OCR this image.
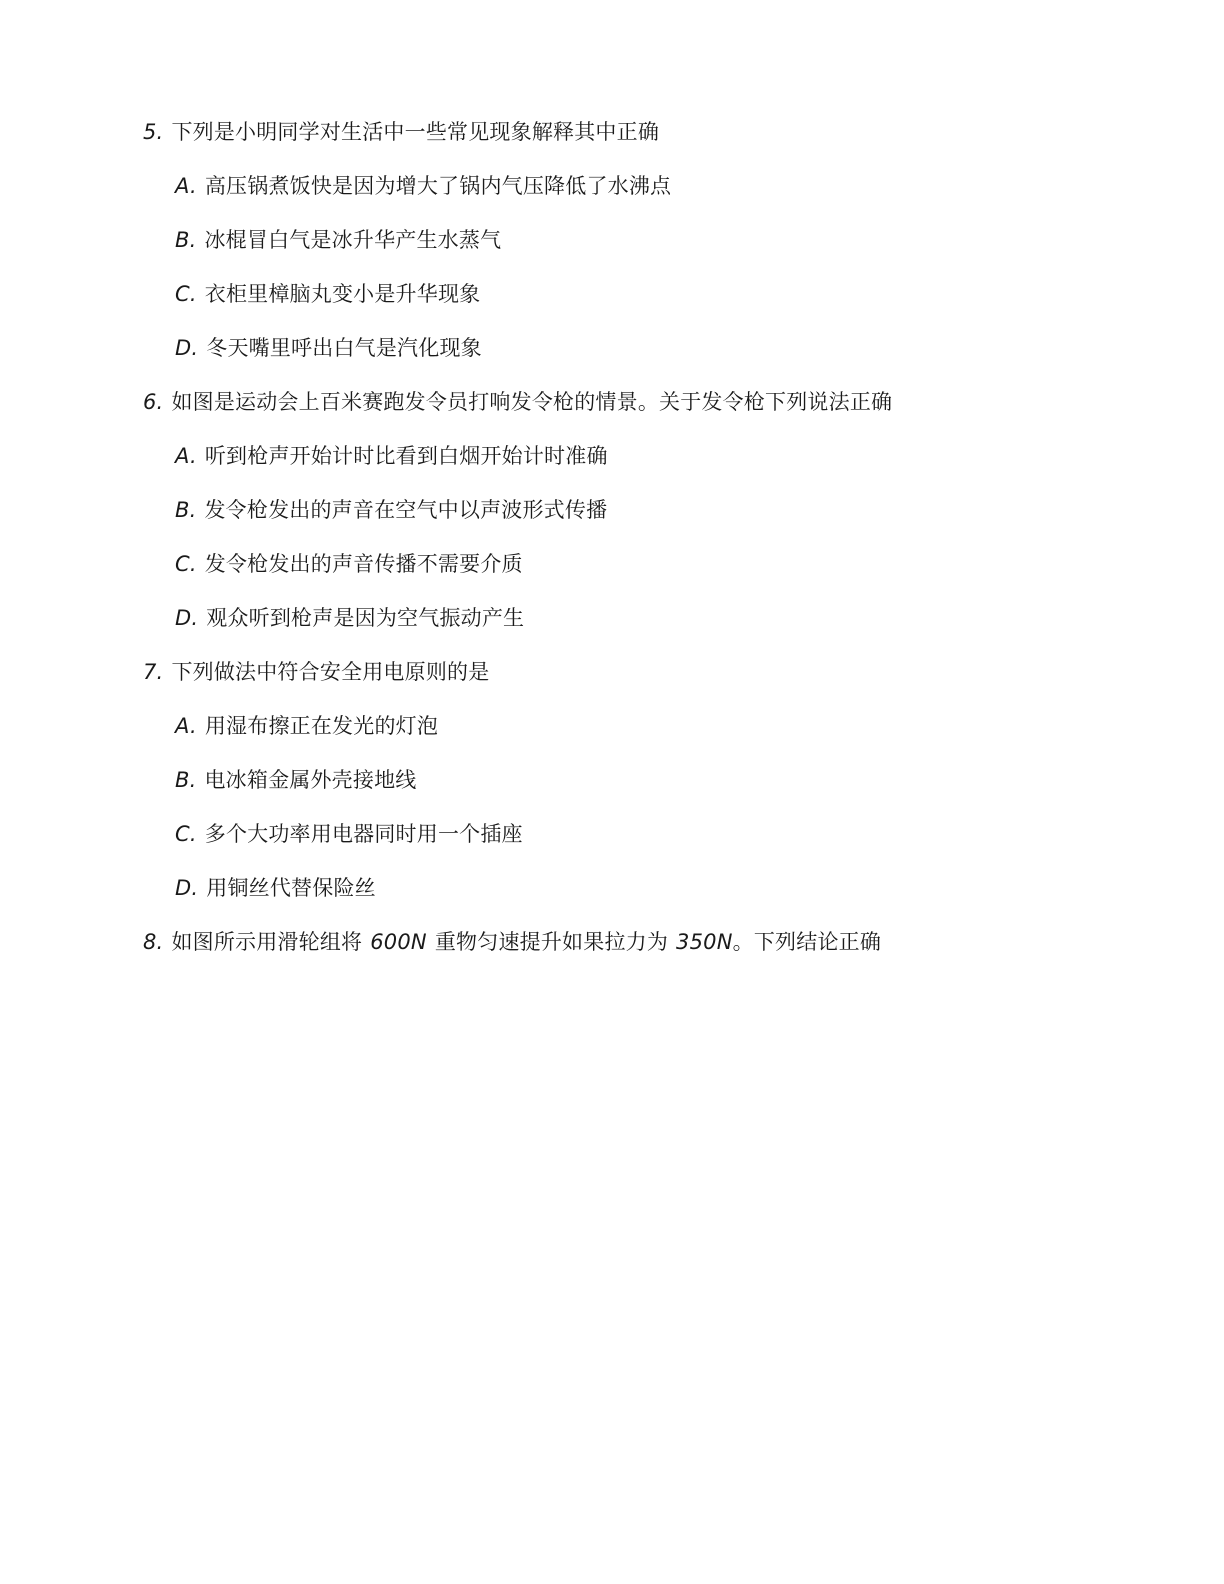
5. 下列是小明同学对生活中一些常见现象解释其中正确
A. 高压锅煮饭快是因为增大了锅内气压降低了水沸点
B. 冰棍冒白气是冰升华产生水蒸气
C. 衣柜里樟脑丸变小是升华现象
D. 冬天嘴里呼出白气是汽化现象
6. 如图是运动会上百米赛跑发令员打响发令枪的情景。关于发令枪下列说法正确
A. 听到枪声开始计时比看到白烟开始计时准确
B. 发令枪发出的声音在空气中以声波形式传播
C. 发令枪发出的声音传播不需要介质
D. 观众听到枪声是因为空气振动产生
7. 下列做法中符合安全用电原则的是
A. 用湿布擦正在发光的灯泡
B. 电冰箱金属外壳接地线
C. 多个大功率用电器同时用一个插座
D. 用铜丝代替保险丝
8. 如图所示用滑轮组将 600N 重物匀速提升如果拉力为 350N。下列结论正确
